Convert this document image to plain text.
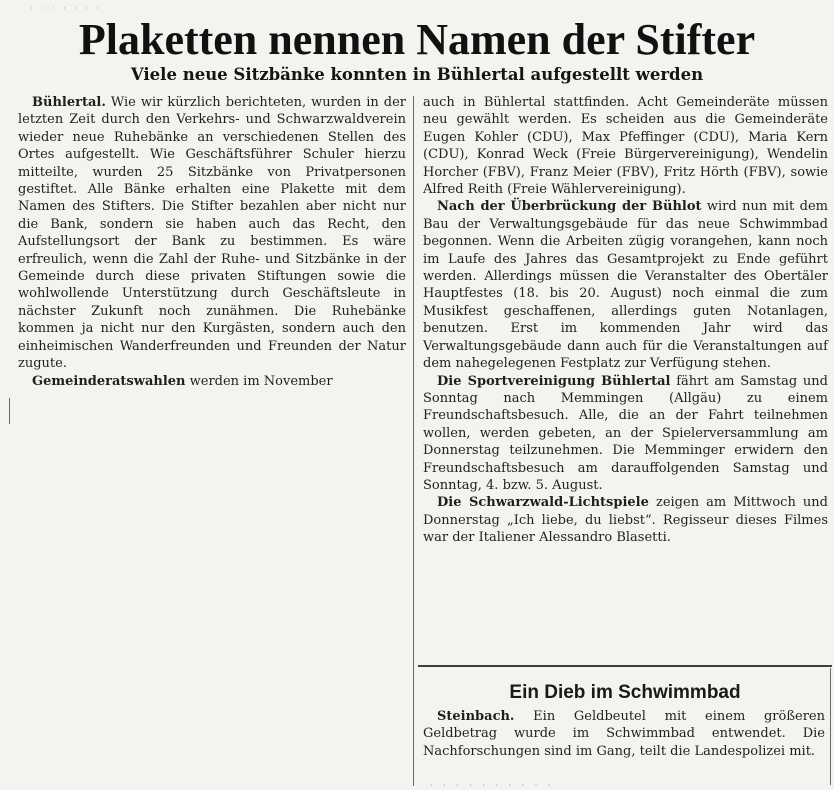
· · · · · · ·
Plaketten nennen Namen der Stifter
Viele neue Sitzbänke konnten in Bühlertal aufgestellt werden

Bühlertal. Wie wir kürzlich berichteten, wurden in der letzten Zeit durch den Verkehrs- und Schwarzwaldverein wieder neue Ruhebänke an verschiedenen Stellen des Ortes aufgestellt. Wie Geschäftsführer Schuler hierzu mitteilte, wurden 25 Sitzbänke von Privatpersonen gestiftet. Alle Bänke erhalten eine Plakette mit dem Namen des Stifters. Die Stifter bezahlen aber nicht nur die Bank, sondern sie haben auch das Recht, den Aufstellungsort der Bank zu bestimmen. Es wäre erfreulich, wenn die Zahl der Ruhe- und Sitzbänke in der Gemeinde durch diese privaten Stiftungen sowie die wohlwollende Unterstützung durch Geschäftsleute in nächster Zukunft noch zunähmen. Die Ruhebänke kommen ja nicht nur den Kurgästen, sondern auch den einheimischen Wanderfreunden und Freunden der Natur zugute.

Gemeinderatswahlen werden im November

auch in Bühlertal stattfinden. Acht Gemeinderäte müssen neu gewählt werden. Es scheiden aus die Gemeinderäte Eugen Kohler (CDU), Max Pfeffinger (CDU), Maria Kern (CDU), Konrad Weck (Freie Bürgervereinigung), Wendelin Horcher (FBV), Franz Meier (FBV), Fritz Hörth (FBV), sowie Alfred Reith (Freie Wählervereinigung).

Nach der Überbrückung der Bühlot wird nun mit dem Bau der Verwaltungsgebäude für das neue Schwimmbad begonnen. Wenn die Arbeiten zügig vorangehen, kann noch im Laufe des Jahres das Gesamtprojekt zu Ende geführt werden. Allerdings müssen die Veranstalter des Obertäler Hauptfestes (18. bis 20. August) noch einmal die zum Musikfest geschaffenen, allerdings guten Notanlagen, benutzen. Erst im kommenden Jahr wird das Verwaltungsgebäude dann auch für die Veranstaltungen auf dem nahegelegenen Festplatz zur Verfügung stehen.

Die Sportvereinigung Bühlertal fährt am Samstag und Sonntag nach Memmingen (Allgäu) zu einem Freundschaftsbesuch. Alle, die an der Fahrt teilnehmen wollen, werden gebeten, an der Spielerversammlung am Donnerstag teilzunehmen. Die Memminger erwidern den Freundschaftsbesuch am darauffolgenden Samstag und Sonntag, 4. bzw. 5. August.

Die Schwarzwald-Lichtspiele zeigen am Mittwoch und Donnerstag „Ich liebe, du liebst“. Regisseur dieses Filmes war der Italiener Alessandro Blasetti.

Ein Dieb im Schwimmbad

Steinbach. Ein Geldbeutel mit einem größeren Geldbetrag wurde im Schwimmbad entwendet. Die Nachforschungen sind im Gang, teilt die Landespolizei mit.

· · · · · · · · · ·
